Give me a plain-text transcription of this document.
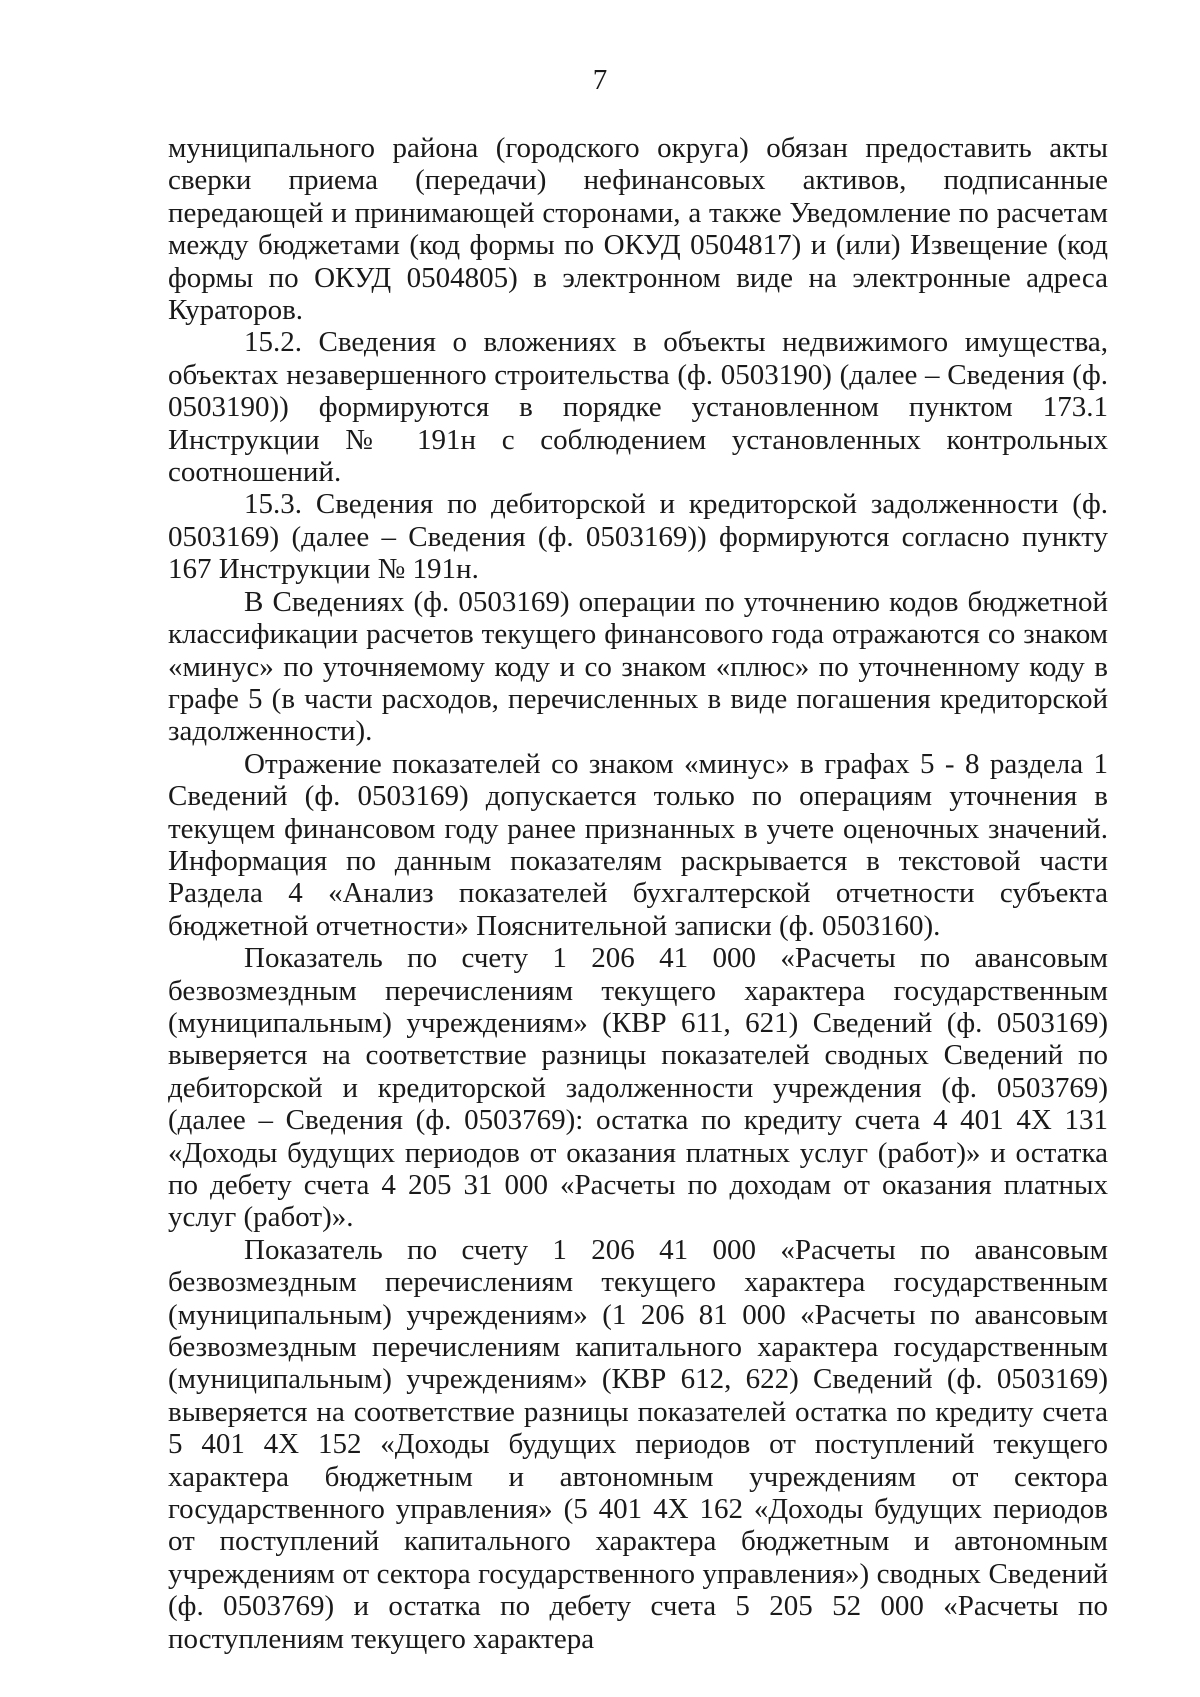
7

муниципального района (городского округа) обязан предоставить акты сверки приема (передачи) нефинансовых активов, подписанные передающей и принимающей сторонами, а также Уведомление по расчетам между бюджетами (код формы по ОКУД 0504817) и (или) Извещение (код формы по ОКУД 0504805) в электронном виде на электронные адреса Кураторов.

15.2. Сведения о вложениях в объекты недвижимого имущества, объектах незавершенного строительства (ф. 0503190) (далее – Сведения (ф. 0503190)) формируются в порядке установленном пунктом 173.1 Инструкции № 191н с соблюдением установленных контрольных соотношений.

15.3. Сведения по дебиторской и кредиторской задолженности (ф. 0503169) (далее – Сведения (ф. 0503169)) формируются согласно пункту 167 Инструкции № 191н.

В Сведениях (ф. 0503169) операции по уточнению кодов бюджетной классификации расчетов текущего финансового года отражаются со знаком «минус» по уточняемому коду и со знаком «плюс» по уточненному коду в графе 5 (в части расходов, перечисленных в виде погашения кредиторской задолженности).

Отражение показателей со знаком «минус» в графах 5 - 8 раздела 1 Сведений (ф. 0503169) допускается только по операциям уточнения в текущем финансовом году ранее признанных в учете оценочных значений. Информация по данным показателям раскрывается в текстовой части Раздела 4 «Анализ показателей бухгалтерской отчетности субъекта бюджетной отчетности» Пояснительной записки (ф. 0503160).

Показатель по счету 1 206 41 000 «Расчеты по авансовым безвозмездным перечислениям текущего характера государственным (муниципальным) учреждениям» (КВР 611, 621) Сведений (ф. 0503169) выверяется на соответствие разницы показателей сводных Сведений по дебиторской и кредиторской задолженности учреждения (ф. 0503769) (далее – Сведения (ф. 0503769): остатка по кредиту счета 4 401 4Х 131 «Доходы будущих периодов от оказания платных услуг (работ)» и остатка по дебету счета 4 205 31 000 «Расчеты по доходам от оказания платных услуг (работ)».

Показатель по счету 1 206 41 000 «Расчеты по авансовым безвозмездным перечислениям текущего характера государственным (муниципальным) учреждениям» (1 206 81 000 «Расчеты по авансовым безвозмездным перечислениям капитального характера государственным (муниципальным) учреждениям» (КВР 612, 622) Сведений (ф. 0503169) выверяется на соответствие разницы показателей остатка по кредиту счета 5 401 4Х 152 «Доходы будущих периодов от поступлений текущего характера бюджетным и автономным учреждениям от сектора государственного управления» (5 401 4Х 162 «Доходы будущих периодов от поступлений капитального характера бюджетным и автономным учреждениям от сектора государственного управления») сводных Сведений (ф. 0503769) и остатка по дебету счета 5 205 52 000 «Расчеты по поступлениям текущего характера
